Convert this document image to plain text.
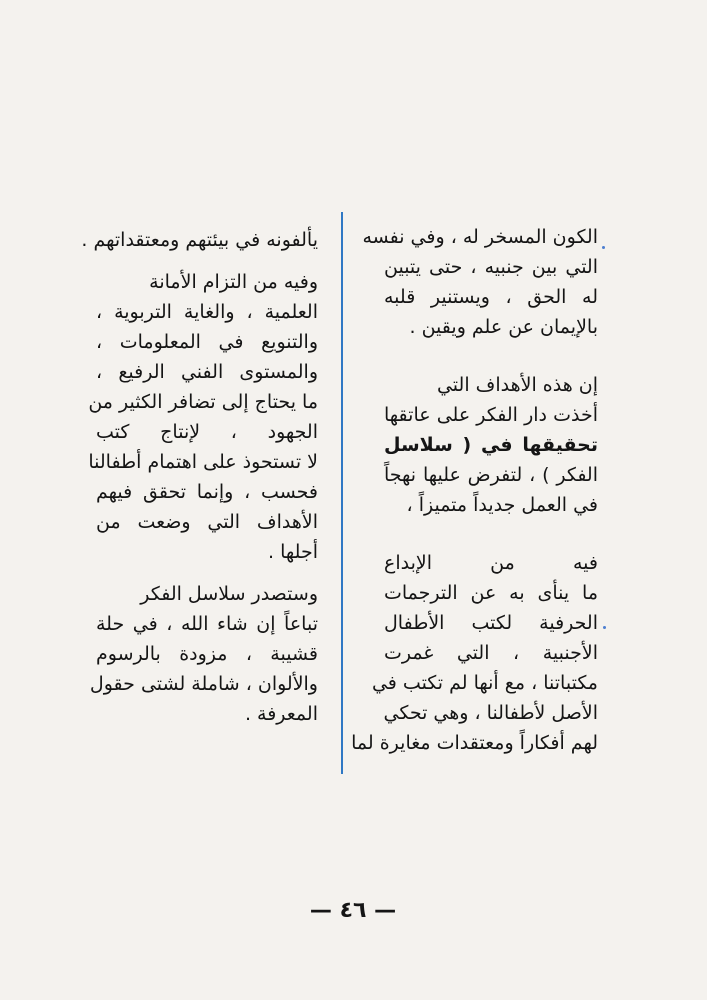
الكون المسخر له ، وفي نفسه
التي بين جنبيه ، حتى يتبين
له الحق ، ويستنير قلبه
بالإيمان عن علم ويقين .
إن هذه الأهداف التي
أخذت دار الفكر على عاتقها
تحقيقها في ( سلاسل
الفكر ) ، لتفرض عليها نهجاً
في العمل جديداً متميزاً ،
فيه من الإبداع
ما ينأى به عن الترجمات
الحرفية لكتب الأطفال
الأجنبية ، التي غمرت
مكتباتنا ، مع أنها لم تكتب في
الأصل لأطفالنا ، وهي تحكي
لهم أفكاراً ومعتقدات مغايرة لما
يألفونه في بيئتهم ومعتقداتهم .
وفيه من التزام الأمانة
العلمية ، والغاية التربوية ،
والتنويع في المعلومات ،
والمستوى الفني الرفيع ،
ما يحتاج إلى تضافر الكثير من
الجهود ، لإنتاج كتب
لا تستحوذ على اهتمام أطفالنا
فحسب ، وإنما تحقق فيهم
الأهداف التي وضعت من
أجلها .
وستصدر سلاسل الفكر
تباعاً إن شاء الله ، في حلة
قشيبة ، مزودة بالرسوم
والألوان ، شاملة لشتى حقول
المعرفة .
— ٤٦ —
